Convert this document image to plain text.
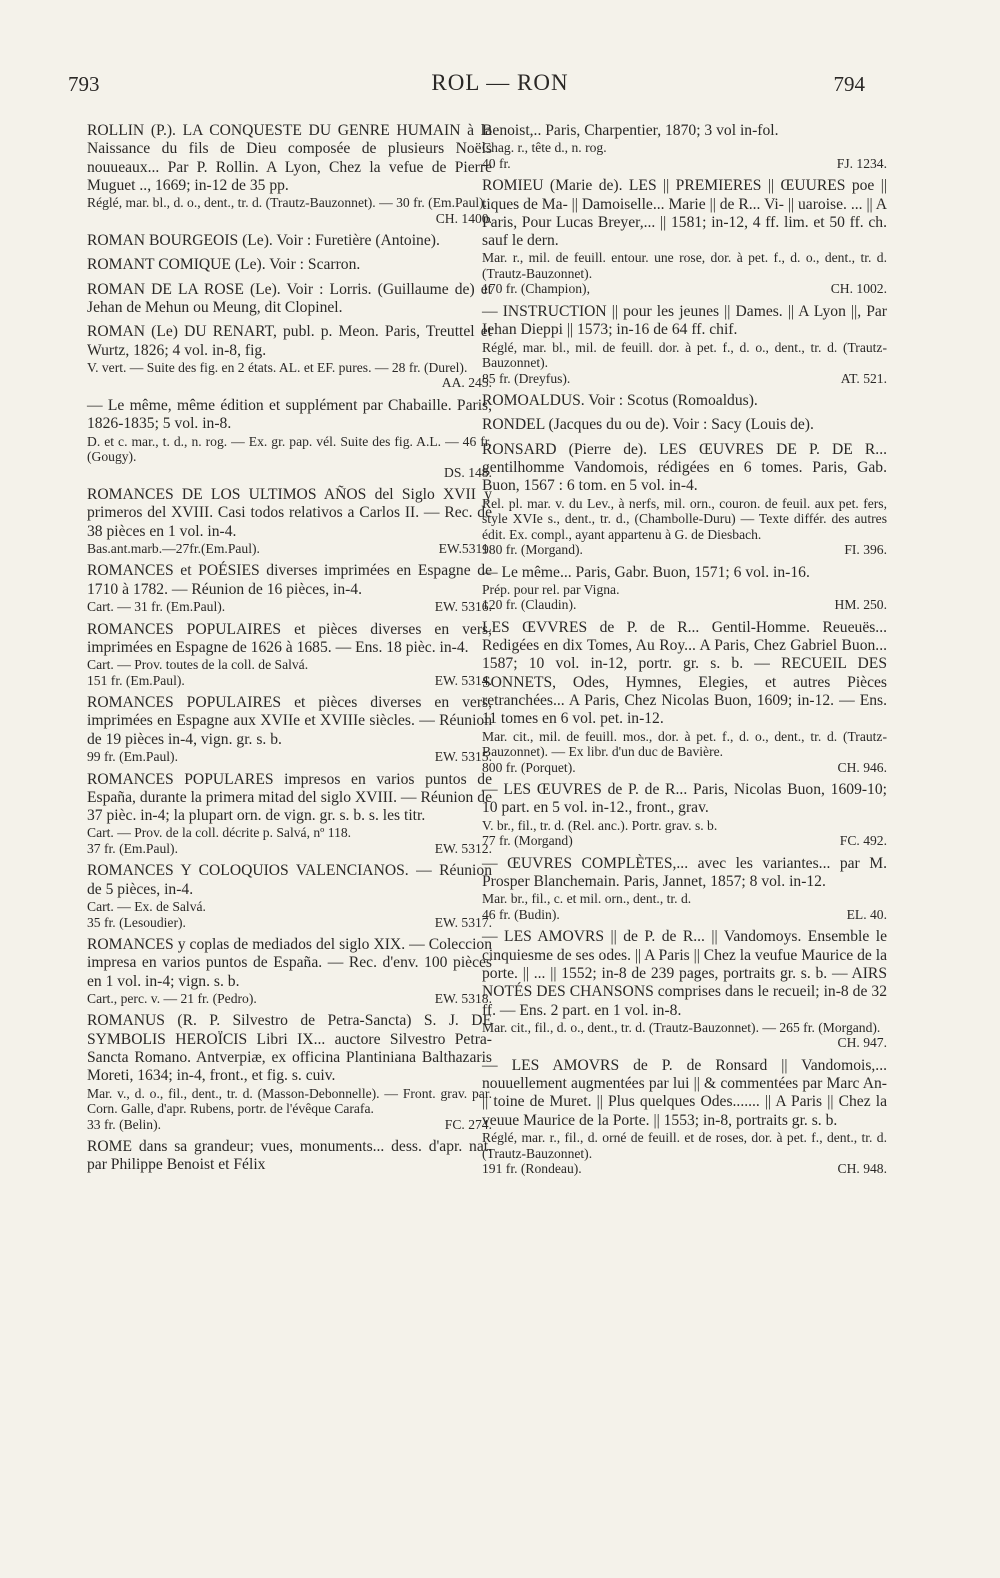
793	ROL — RON	794
ROLLIN (P.). LA CONQUESTE DU GENRE HUMAIN à la Naissance du fils de Dieu composée de plusieurs Noëls nouueaux... Par P. Rollin. A Lyon, Chez la vefue de Pierre Muguet .., 1669; in-12 de 35 pp.
Réglé, mar. bl., d. o., dent., tr. d. (Trautz-Bauzonnet). — 30 fr. (Em.Paul).
CH. 1400.
ROMAN BOURGEOIS (Le). Voir : Furetière (Antoine).
ROMANT COMIQUE (Le). Voir : Scarron.
ROMAN DE LA ROSE (Le). Voir : Lorris. (Guillaume de) et Jehan de Mehun ou Meung, dit Clopinel.
ROMAN (Le) DU RENART, publ. p. Meon. Paris, Treuttel et Wurtz, 1826; 4 vol. in-8, fig.
V. vert. — Suite des fig. en 2 états. AL. et EF. pures. — 28 fr. (Durel).
AA. 245.
— Le même, même édition et supplément par Chabaille. Paris, 1826-1835; 5 vol. in-8.
D. et c. mar., t. d., n. rog. — Ex. gr. pap. vél. Suite des fig. A.L. — 46 fr. (Gougy).
DS. 148.
ROMANCES DE LOS ULTIMOS AÑOS del Siglo XVII y primeros del XVIII. Casi todos relativos a Carlos II. — Rec. de 38 pièces en 1 vol. in-4.
Bas.ant.marb.—27fr.(Em.Paul).	EW.5311.
ROMANCES et POÉSIES diverses imprimées en Espagne de 1710 à 1782. — Réunion de 16 pièces, in-4.
Cart. — 31 fr. (Em.Paul).	EW. 5316.
ROMANCES POPULAIRES et pièces diverses en vers, imprimées en Espagne de 1626 à 1685. — Ens. 18 pièc. in-4.
Cart. — Prov. toutes de la coll. de Salvá.
151 fr. (Em.Paul).	EW. 5314.
ROMANCES POPULAIRES et pièces diverses en vers, imprimées en Espagne aux XVIIe et XVIIIe siècles. — Réunion de 19 pièces in-4, vign. gr. s. b.
99 fr. (Em.Paul).	EW. 5315.
ROMANCES POPULARES impresos en varios puntos de España, durante la primera mitad del siglo XVIII. — Réunion de 37 pièc. in-4; la plupart orn. de vign. gr. s. b. s. les titr.
Cart. — Prov. de la coll. décrite p. Salvá, nº 118.
37 fr. (Em.Paul).	EW. 5312.
ROMANCES Y COLOQUIOS VALENCIANOS. — Réunion de 5 pièces, in-4.
Cart. — Ex. de Salvá.
35 fr. (Lesoudier).	EW. 5317.
ROMANCES y coplas de mediados del siglo XIX. — Coleccion impresa en varios puntos de España. — Rec. d'env. 100 pièces en 1 vol. in-4; vign. s. b.
Cart., perc. v. — 21 fr. (Pedro).	EW. 5318.
ROMANUS (R. P. Silvestro de Petra-Sancta) S. J. DE SYMBOLIS HEROÏCIS Libri IX... auctore Silvestro Petra-Sancta Romano. Antverpiæ, ex officina Plantiniana Balthazaris Moreti, 1634; in-4, front., et fig. s. cuiv.
Mar. v., d. o., fil., dent., tr. d. (Masson-Debonnelle). — Front. grav. par. Corn. Galle, d'apr. Rubens, portr. de l'évêque Carafa.
33 fr. (Belin).	FC. 274.
ROME dans sa grandeur; vues, monuments... dess. d'apr. nat. par Philippe Benoist et Félix
Benoist,.. Paris, Charpentier, 1870; 3 vol in-fol.
Chag. r., tête d., n. rog.
40 fr.	FJ. 1234.
ROMIEU (Marie de). LES || PREMIERES || ŒUURES poe || tiques de Ma- || Damoiselle... Marie || de R... Vi- || uaroise. ... || A Paris, Pour Lucas Breyer,... || 1581; in-12, 4 ff. lim. et 50 ff. ch. sauf le dern.
Mar. r., mil. de feuill. entour. une rose, dor. à pet. f., d. o., dent., tr. d. (Trautz-Bauzonnet).
170 fr. (Champion),	CH. 1002.
— INSTRUCTION || pour les jeunes || Dames. || A Lyon ||, Par Iehan Dieppi || 1573; in-16 de 64 ff. chif.
Réglé, mar. bl., mil. de feuill. dor. à pet. f., d. o., dent., tr. d. (Trautz-Bauzonnet).
85 fr. (Dreyfus).	AT. 521.
ROMOALDUS. Voir : Scotus (Romoaldus).
RONDEL (Jacques du ou de). Voir : Sacy (Louis de).
RONSARD (Pierre de). LES ŒUVRES DE P. DE R... gentilhomme Vandomois, rédigées en 6 tomes. Paris, Gab. Buon, 1567 : 6 tom. en 5 vol. in-4.
Rel. pl. mar. v. du Lev., à nerfs, mil. orn., couron. de feuil. aux pet. fers, style XVIe s., dent., tr. d., (Chambolle-Duru) — Texte différ. des autres édit. Ex. compl., ayant appartenu à G. de Diesbach.
980 fr. (Morgand).	FI. 396.
— Le même... Paris, Gabr. Buon, 1571; 6 vol. in-16.
Prép. pour rel. par Vigna.
120 fr. (Claudin).	HM. 250.
LES ŒVVRES de P. de R... Gentil-Homme. Reueuës... Redigées en dix Tomes, Au Roy... A Paris, Chez Gabriel Buon... 1587; 10 vol. in-12, portr. gr. s. b. — RECUEIL DES SONNETS, Odes, Hymnes, Elegies, et autres Pièces retranchées... A Paris, Chez Nicolas Buon, 1609; in-12. — Ens. 11 tomes en 6 vol. pet. in-12.
Mar. cit., mil. de feuill. mos., dor. à pet. f., d. o., dent., tr. d. (Trautz-Bauzonnet). — Ex libr. d'un duc de Bavière.
800 fr. (Porquet).	CH. 946.
— LES ŒUVRES de P. de R... Paris, Nicolas Buon, 1609-10; 10 part. en 5 vol. in-12., front., grav.
V. br., fil., tr. d. (Rel. anc.). Portr. grav. s. b.
77 fr. (Morgand)	FC. 492.
— ŒUVRES COMPLÈTES,... avec les variantes... par M. Prosper Blanchemain. Paris, Jannet, 1857; 8 vol. in-12.
Mar. br., fil., c. et mil. orn., dent., tr. d.
46 fr. (Budin).	EL. 40.
— LES AMOVRS || de P. de R... || Vandomoys. Ensemble le cinquiesme de ses odes. || A Paris || Chez la veufue Maurice de la porte. || ... || 1552; in-8 de 239 pages, portraits gr. s. b. — AIRS NOTÉS DES CHANSONS comprises dans le recueil; in-8 de 32 ff. — Ens. 2 part. en 1 vol. in-8.
Mar. cit., fil., d. o., dent., tr. d. (Trautz-Bauzonnet). — 265 fr. (Morgand).
CH. 947.
— LES AMOVRS de P. de Ronsard || Vandomois,... nouuellement augmentées par lui || & commentées par Marc An- || toine de Muret. || Plus quelques Odes....... || A Paris || Chez la veuue Maurice de la Porte. || 1553; in-8, portraits gr. s. b.
Réglé, mar. r., fil., d. orné de feuill. et de roses, dor. à pet. f., dent., tr. d. (Trautz-Bauzonnet).
191 fr. (Rondeau).	CH. 948.
